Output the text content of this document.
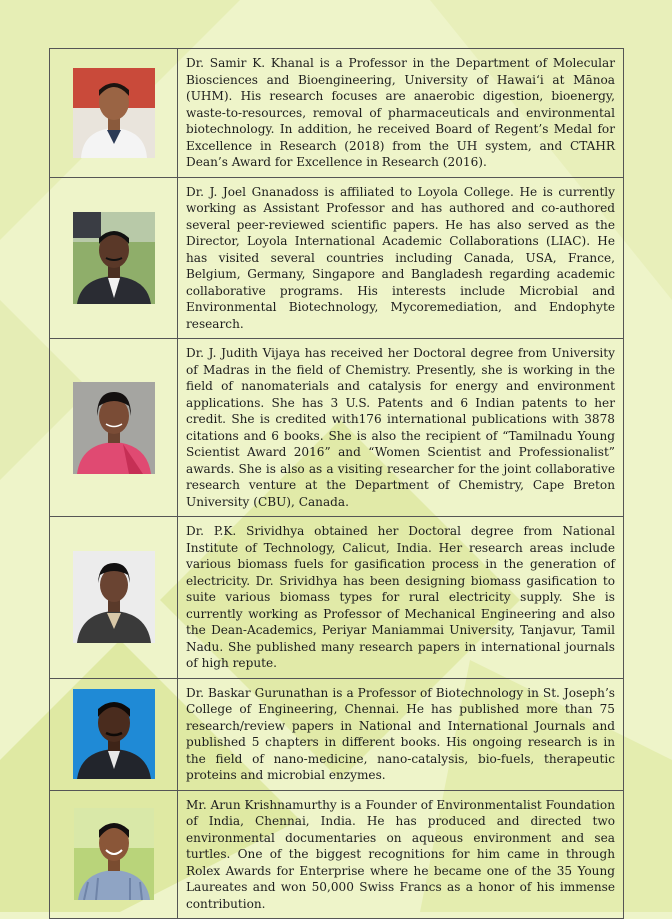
	Dr. Samir K. Khanal is a Professor in the Department of Molecular Biosciences and Bioengineering, University of Hawaiʻi at Mānoa (UHM). His research focuses are anaerobic digestion, bioenergy, waste-to-resources, removal of pharmaceuticals and environmental biotechnology. In addition, he received Board of Regent’s Medal for Excellence in Research (2018) from the UH system, and CTAHR Dean’s Award for Excellence in Research (2016).

	Dr. J. Joel Gnanadoss is affiliated to Loyola College. He is currently working as Assistant Professor and has authored and co-authored several peer-reviewed scientific papers. He has also served as the Director, Loyola International Academic Collaborations (LIAC). He has visited several countries including Canada, USA, France, Belgium, Germany, Singapore and Bangladesh regarding academic collaborative programs. His interests include Microbial and Environmental Biotechnology, Mycoremediation, and Endophyte research.

	Dr. J. Judith Vijaya has received her Doctoral degree from University of Madras in the field of Chemistry. Presently, she is working in the field of nanomaterials and catalysis for energy and environment applications. She has 3 U.S. Patents and 6 Indian patents to her credit. She is credited with176 international publications with 3878 citations and 6 books. She is also the recipient of “Tamilnadu Young Scientist Award 2016” and “Women Scientist and Professionalist” awards. She is also as a visiting researcher for the joint collaborative research venture at the Department of Chemistry, Cape Breton University (CBU), Canada.

	Dr. P.K. Srividhya obtained her Doctoral degree from National Institute of Technology, Calicut, India. Her research areas include various biomass fuels for gasification process in the generation of electricity. Dr. Srividhya has been designing biomass gasification to suite various biomass types for rural electricity supply. She is currently working as Professor of Mechanical Engineering and also the Dean-Academics, Periyar Maniammai University, Tanjavur, Tamil Nadu. She published many research papers in international journals of high repute.

	Dr. Baskar Gurunathan is a Professor of Biotechnology in St. Joseph’s College of Engineering, Chennai. He has published more than 75 research/review papers in National and International Journals and published 5 chapters in different books. His ongoing research is in the field of nano-medicine, nano-catalysis, bio-fuels, therapeutic proteins and microbial enzymes.

	Mr. Arun Krishnamurthy is a Founder of Environmentalist Foundation of India, Chennai, India. He has produced and directed two environmental documentaries on aqueous environment and sea turtles. One of the biggest recognitions for him came in through Rolex Awards for Enterprise where he became one of the 35 Young Laureates and won 50,000 Swiss Francs as a honor of his immense contribution.
